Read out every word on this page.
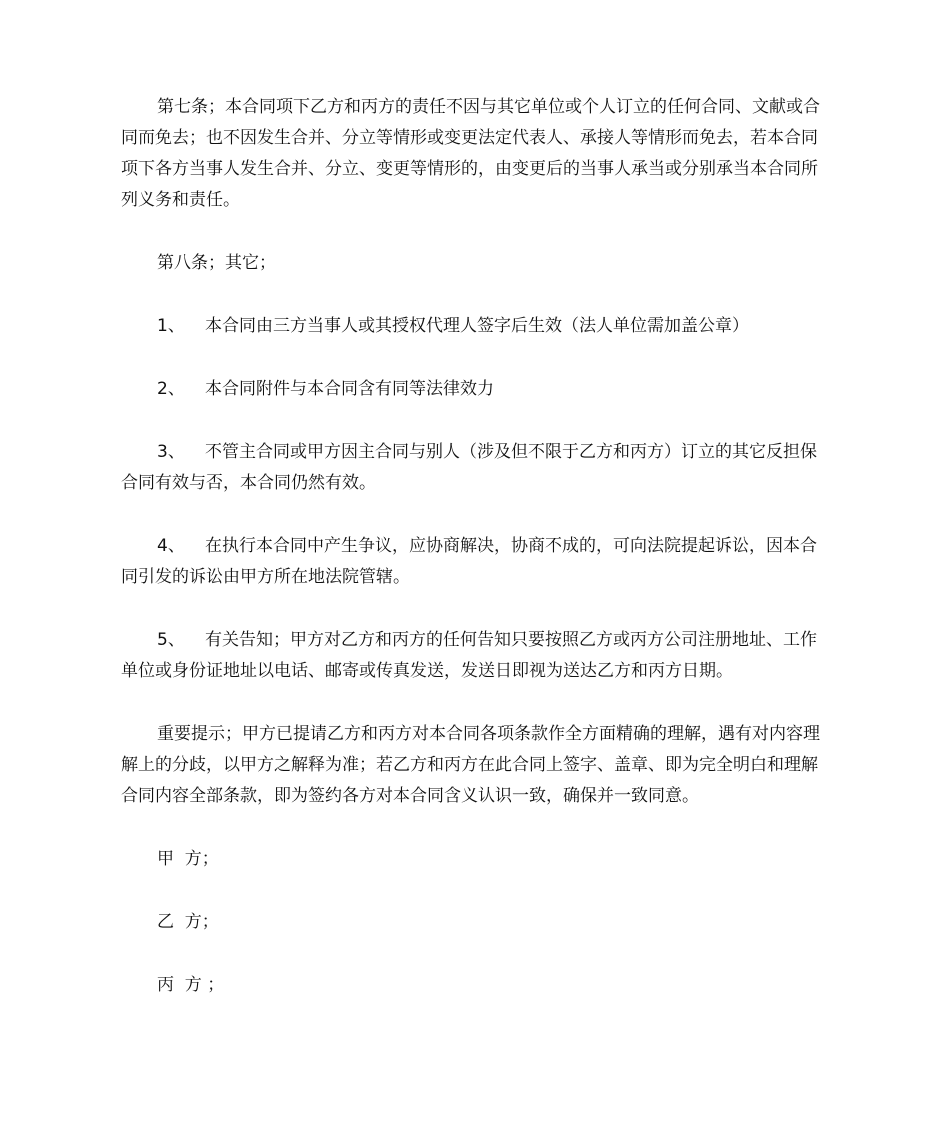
第七条；本合同项下乙方和丙方的责任不因与其它单位或个人订立的任何合同、文献或合同而免去；也不因发生合并、分立等情形或变更法定代表人、承接人等情形而免去，若本合同项下各方当事人发生合并、分立、变更等情形的，由变更后的当事人承当或分别承当本合同所列义务和责任。

第八条；其它；

1、 本合同由三方当事人或其授权代理人签字后生效（法人单位需加盖公章）

2、 本合同附件与本合同含有同等法律效力

3、 不管主合同或甲方因主合同与别人（涉及但不限于乙方和丙方）订立的其它反担保合同有效与否，本合同仍然有效。

4、 在执行本合同中产生争议，应协商解决，协商不成的，可向法院提起诉讼，因本合同引发的诉讼由甲方所在地法院管辖。

5、 有关告知；甲方对乙方和丙方的任何告知只要按照乙方或丙方公司注册地址、工作单位或身份证地址以电话、邮寄或传真发送，发送日即视为送达乙方和丙方日期。

重要提示；甲方已提请乙方和丙方对本合同各项条款作全方面精确的理解，遇有对内容理解上的分歧，以甲方之解释为准；若乙方和丙方在此合同上签字、盖章、即为完全明白和理解合同内容全部条款，即为签约各方对本合同含义认识一致，确保并一致同意。

甲  方；

乙  方；

丙  方 ；
